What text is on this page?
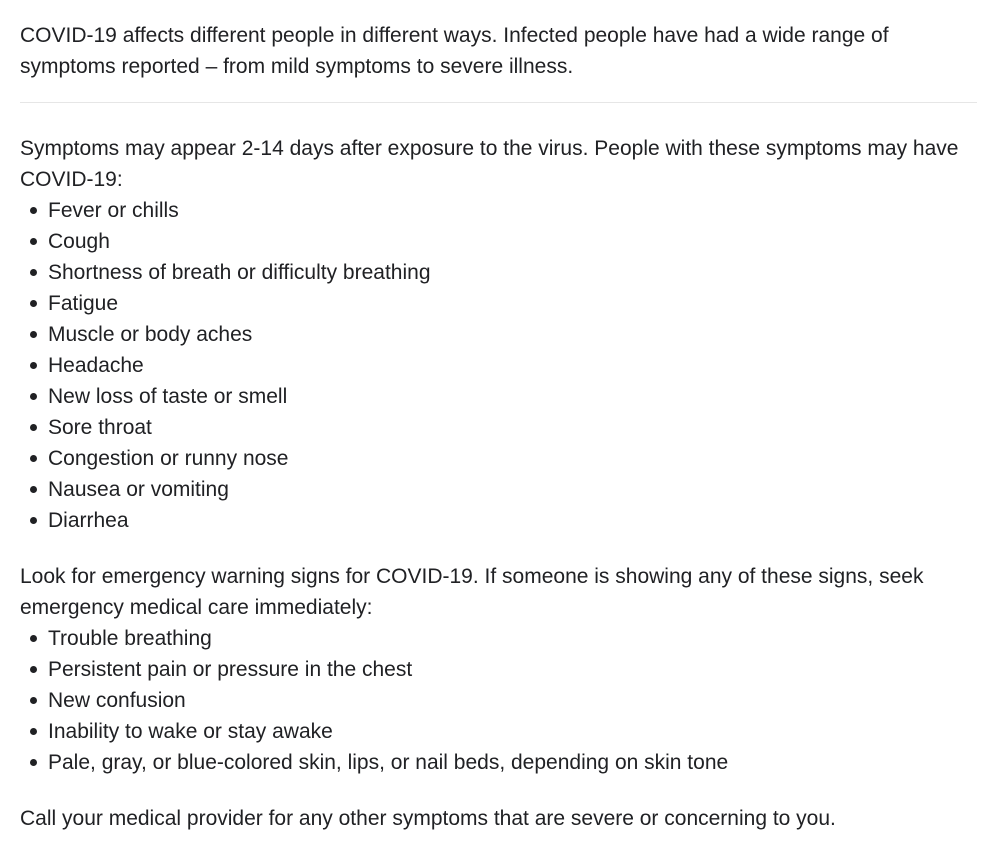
COVID-19 affects different people in different ways. Infected people have had a wide range of symptoms reported – from mild symptoms to severe illness.

Symptoms may appear 2-14 days after exposure to the virus. People with these symptoms may have COVID-19:

Fever or chills
Cough
Shortness of breath or difficulty breathing
Fatigue
Muscle or body aches
Headache
New loss of taste or smell
Sore throat
Congestion or runny nose
Nausea or vomiting
Diarrhea

Look for emergency warning signs for COVID-19. If someone is showing any of these signs, seek emergency medical care immediately:

Trouble breathing
Persistent pain or pressure in the chest
New confusion
Inability to wake or stay awake
Pale, gray, or blue-colored skin, lips, or nail beds, depending on skin tone

Call your medical provider for any other symptoms that are severe or concerning to you.
